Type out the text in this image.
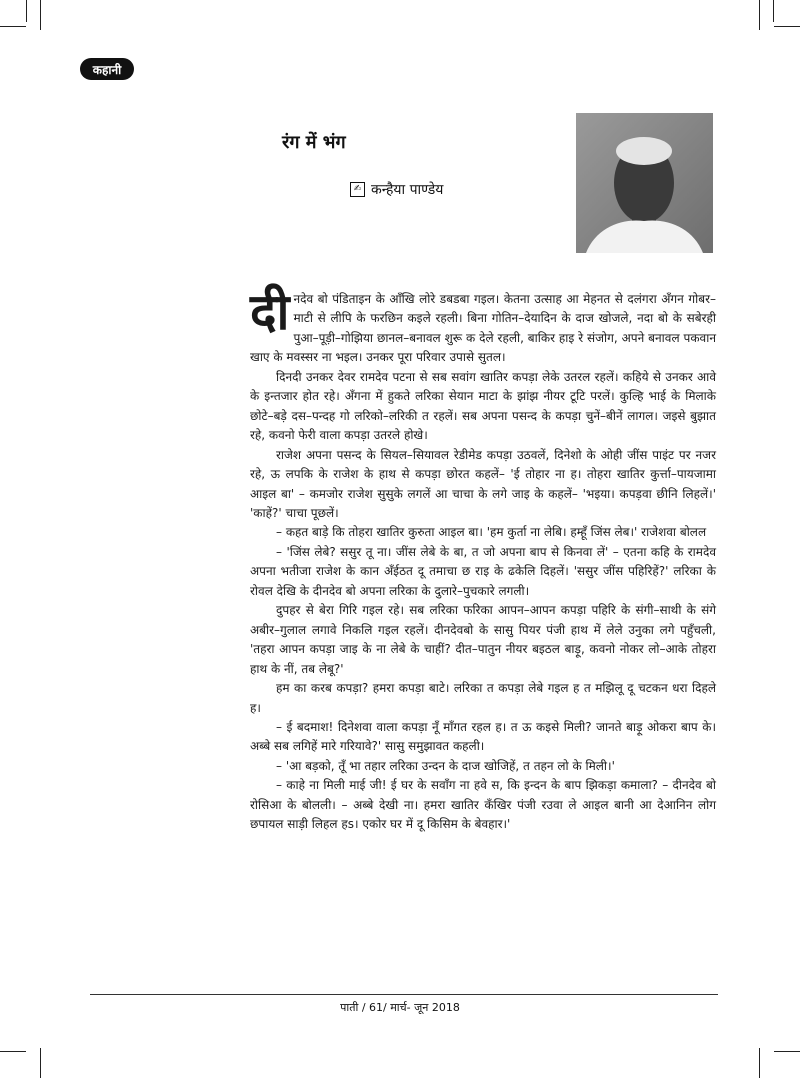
कहानी
रंग में भंग
✍ कन्हैया पाण्डेय

दीनदेव बो पंडिताइन के आँखि लोरे डबडबा गइल। केतना उत्साह आ मेहनत से दलंगरा अँगन गोबर–माटी से लीपि के फरछिन कइले रहली। बिना गोतिन–देयादिन के दाज खोजले, नदा बो के सबेरही पुआ–पूड़ी–गोझिया छानल–बनावल शुरू क देले रहली, बाकिर हाइ रे संजोग, अपने बनावल पकवान खाए के मवस्सर ना भइल। उनकर पूरा परिवार उपासे सुतल।

दिनदी उनकर देवर रामदेव पटना से सब सवांग खातिर कपड़ा लेके उतरल रहलें। कहिये से उनकर आवे के इन्तजार होत रहे। अँगना में हुकते लरिका सेयान माटा के झांझ नीयर टूटि परलें। कुल्हि भाई के मिलाके छोटे–बड़े दस–पन्दह गो लरिको–लरिकी त रहलें। सब अपना पसन्द के कपड़ा चुनें–बीनें लागल। जइसे बुझात रहे, कवनो फेरी वाला कपड़ा उतरले होखे।

राजेश अपना पसन्द के सियल–सियावल रेडीमेड कपड़ा उठवलें, दिनेशो के ओही जींस पाइंट पर नजर रहे, ऊ लपकि के राजेश के हाथ से कपड़ा छोरत कहलें– 'ई तोहार ना ह। तोहरा खातिर कुर्त्ता–पायजामा आइल बा' – कमजोर राजेश सुसुके लगलें आ चाचा के लगे जाइ के कहलें– 'भइया। कपड़वा छीनि लिहलें।' 'काहें?' चाचा पूछलें।

– कहत बाड़े कि तोहरा खातिर कुरुता आइल बा। 'हम कुर्ता ना लेबि। हम्हूँ जिंस लेब।' राजेशवा बोलल

– 'जिंस लेबे? ससुर तू ना। जींस लेबे के बा, त जो अपना बाप से किनवा लें' – एतना कहि के रामदेव अपना भतीजा राजेश के कान अँईठत दू तमाचा छ राइ के ढकेलि दिहलें। 'ससुर जींस पहिरिहें?' लरिका के रोवल देखि के दीनदेव बो अपना लरिका के दुलारे–पुचकारे लगली।

दुपहर से बेरा गिरि गइल रहे। सब लरिका फरिका आपन–आपन कपड़ा पहिरि के संगी–साथी के संगे अबीर–गुलाल लगावे निकलि गइल रहलें। दीनदेवबो के सासु पियर पंजी हाथ में लेले उनुका लगे पहुँचली, 'तहरा आपन कपड़ा जाइ के ना लेबे के चाहीं? दीत–पातुन नीयर बइठल बाड़ू, कवनो नोकर लो–आके तोहरा हाथ के नीं, तब लेबू?'

हम का करब कपड़ा? हमरा कपड़ा बाटे। लरिका त कपड़ा लेबे गइल ह त मझिलू दू चटकन धरा दिहले ह।

– ई बदमाश! दिनेशवा वाला कपड़ा नूँ माँगत रहल ह। त ऊ कइसे मिली? जानते बाड़ू ओकरा बाप के। अब्बे सब लगिहें मारे गरियावे?' सासु समुझावत कहली।

– 'आ बड़को, तूँ भा तहार लरिका उन्दन के दाज खोजिहें, त तहन लो के मिली।'

– काहे ना मिली माई जी! ई घर के सवाँग ना हवे स, कि इन्दन के बाप झिकड़ा कमाला? – दीनदेव बो रोसिआ के बोलली। – अब्बे देखी ना। हमरा खातिर कँखिर पंजी रउवा ले आइल बानी आ देआनिन लोग छपायल साड़ी लिहल हs। एकोर घर में दू किसिम के बेवहार।'

पाती / 61/ मार्च- जून 2018
